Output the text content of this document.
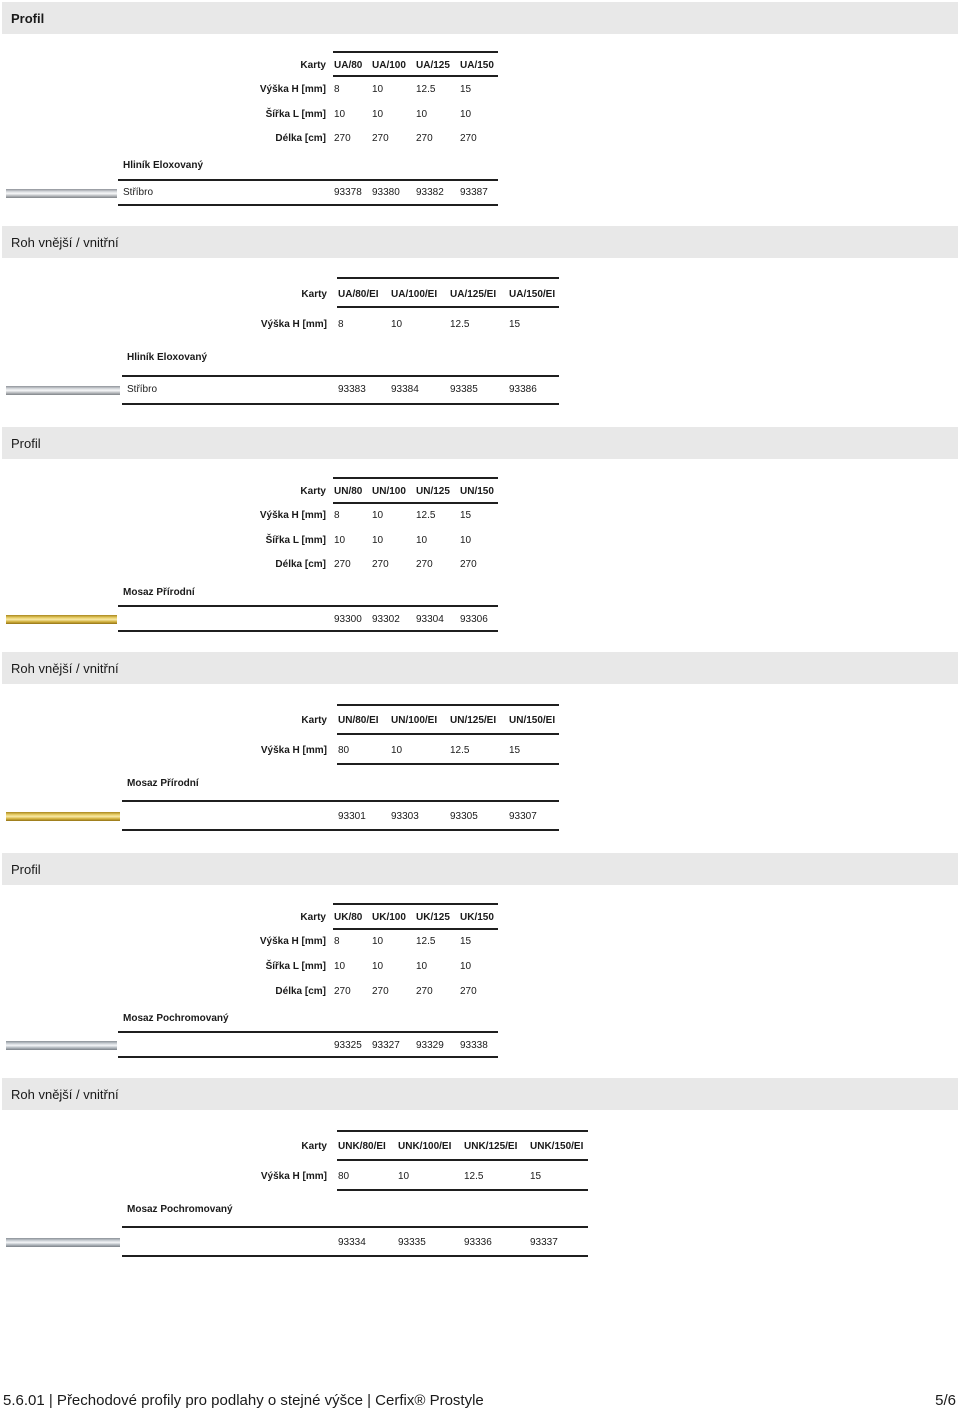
Profil
Karty UA/80 UA/100 UA/125 UA/150
Výška H [mm] 8	10	12.5 15
Šířka L [mm] 10	10	10	10
Délka [cm] 270 270	270	270
Hliník Eloxovaný
Stříbro	93378 93380 93382 93387
Roh vnější / vnitřní
Karty UA/80/EI UA/100/EI UA/125/EI UA/150/EI
Výška H [mm] 8	10	12.5	15
Hliník Eloxovaný
Stříbro	93383	93384	93385	93386
Profil
Karty UN/80 UN/100 UN/125 UN/150
Výška H [mm] 8	10	12.5 15
Šířka L [mm] 10	10	10	10
Délka [cm] 270 270	270	270
Mosaz Přírodní
93300 93302 93304 93306
Roh vnější / vnitřní
Karty UN/80/EI UN/100/EI UN/125/EI UN/150/EI
Výška H [mm] 80	10	12.5	15
Mosaz Přírodní
93301	93303	93305	93307
Profil
Karty UK/80 UK/100 UK/125 UK/150
Výška H [mm] 8	10	12.5 15
Šířka L [mm] 10	10	10	10
Délka [cm] 270 270	270	270
Mosaz Pochromovaný
93325 93327 93329 93338
Roh vnější / vnitřní
Karty UNK/80/EI UNK/100/EI UNK/125/EI UNK/150/EI
Výška H [mm] 80	10	12.5	15
Mosaz Pochromovaný
93334	93335	93336	93337
5.6.01 | Přechodové profily pro podlahy o stejné výšce | Cerfix® Prostyle	5/6
